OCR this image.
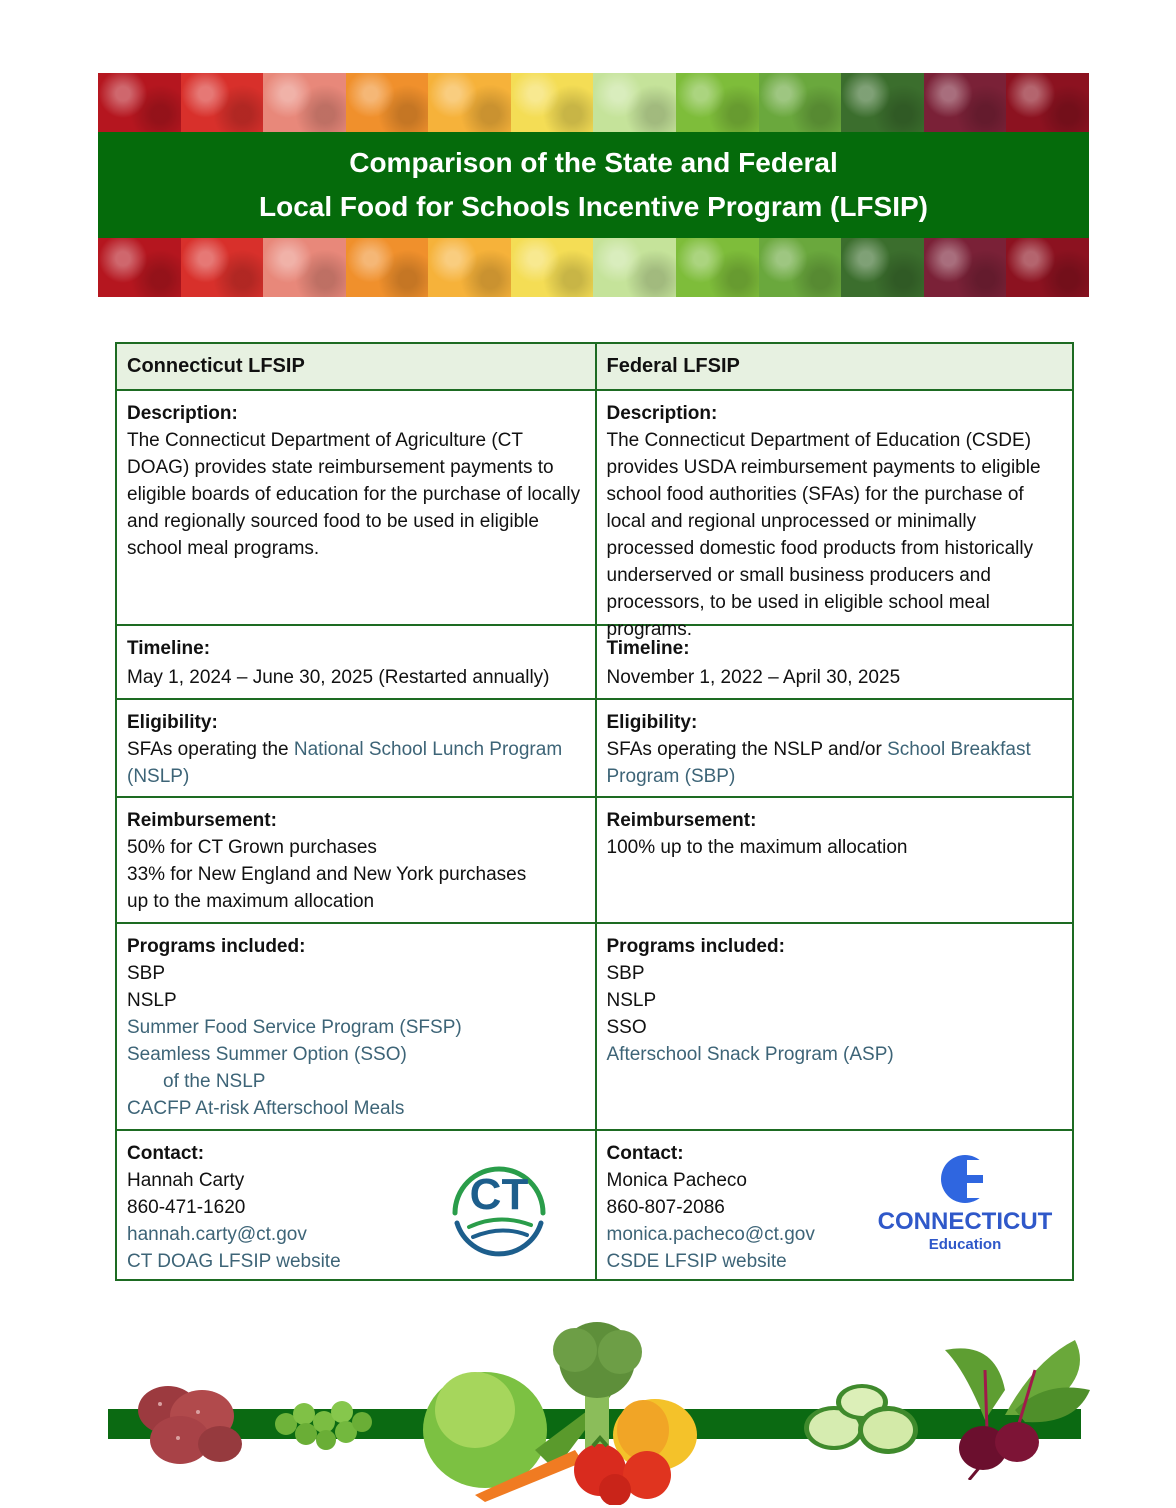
Comparison of the State and Federal
Local Food for Schools Incentive Program (LFSIP)
Connecticut LFSIP	Federal LFSIP
Description:
The Connecticut Department of Agriculture (CT DOAG) provides state reimbursement payments to eligible boards of education for the purchase of locally and regionally sourced food to be used in eligible school meal programs.
Description:
The Connecticut Department of Education (CSDE) provides USDA reimbursement payments to eligible school food authorities (SFAs) for the purchase of local and regional unprocessed or minimally processed domestic food products from historically underserved or small business producers and processors, to be used in eligible school meal programs.
Timeline:
May 1, 2024 – June 30, 2025 (Restarted annually)
Timeline:
November 1, 2022 – April 30, 2025
Eligibility:
SFAs operating the National School Lunch Program (NSLP)
Eligibility:
SFAs operating the NSLP and/or School Breakfast Program (SBP)
Reimbursement:
50% for CT Grown purchases
33% for New England and New York purchases
up to the maximum allocation
Reimbursement:
100% up to the maximum allocation
Programs included:
SBP
NSLP
Summer Food Service Program (SFSP)
Seamless Summer Option (SSO)
of the NSLP
CACFP At-risk Afterschool Meals
Programs included:
SBP
NSLP
SSO
Afterschool Snack Program (ASP)
Contact:
Hannah Carty
860-471-1620
hannah.carty@ct.gov
CT DOAG LFSIP website
CT
Contact:
Monica Pacheco
860-807-2086
monica.pacheco@ct.gov
CSDE LFSIP website
CONNECTICUT
Education
